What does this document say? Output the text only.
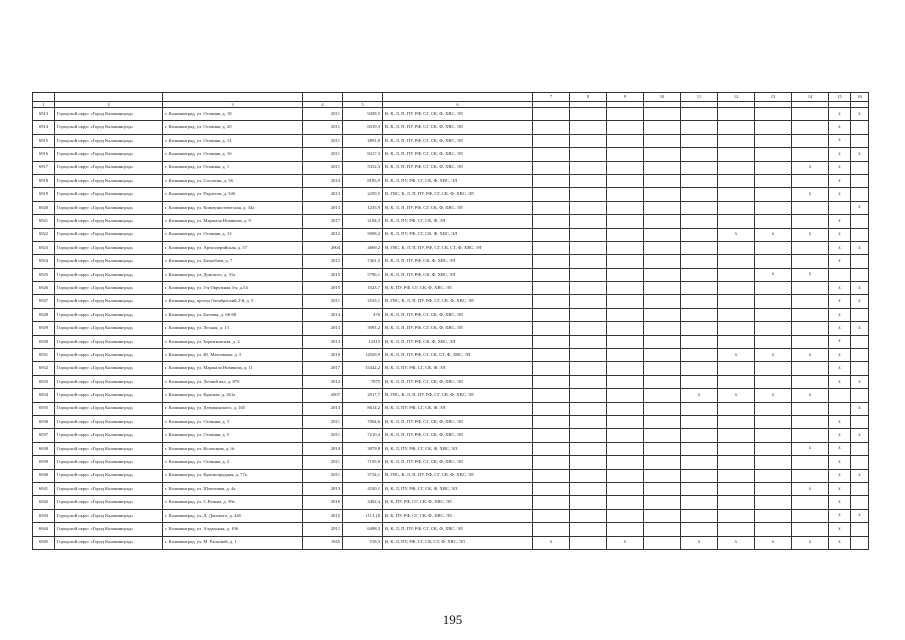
						7	8	9	10	11	12	13	14	15	16
1	2	3	4	5	6										
6913	Городской округ «Город Калининград»	г. Калининград, ул. Осенняя, д. 18	2011	9458,5	В, К, Л, П, ПУ, РФ, СГ, СК, Ф, ХВС, ЭЛ									x	x
6914	Городской округ «Город Калининград»	г. Калининград, ул. Осенняя, д. 20	2011	8419,3	В, К, Л, П, ПУ, РФ, СГ, СК, Ф, ХВС, ЭЛ									x	
6915	Городской округ «Город Калининград»	г. Калининград, ул. Осенняя, д. 14	2011	2891,8	В, К, Л, П, ПУ, РФ, СГ, СК, Ф, ХВС, ЭЛ									x	
6916	Городской округ «Город Калининград»	г. Калининград, ул. Осенняя, д. 16	2011	8417,3	В, К, Л, П, ПУ, РФ, СГ, СК, Ф, ХВС, ЭЛ									x	x
6917	Городской округ «Город Калининград»	г. Калининград, ул. Осенняя, д. 1	2011	5352,3	В, К, Л, П, ПУ, РФ, СГ, СК, Ф, ХВС, ЭЛ								x	x	
6918	Городской округ «Город Калининград»	г. Калининград, ул. Согласия, д. 36	2014	8185,9	В, К, Л, ПУ, РФ, СГ, СК, Ф, ХВС, ЭЛ									x	
6919	Городской округ «Город Калининград»	г. Калининград, ул. Радистов, д. 34б	2013	2259,5	В, ГВС, К, Л, П, ПУ, РФ, СГ, СК, Ф, ХВС, ЭЛ								x	x	
6920	Городской округ «Город Калининград»	г. Калининград, ул. Коммунистическая, д. 34а	2013	1235,9	В, К, Л, П, ПУ, РФ, СГ, СК, Ф, ХВС, ЭЛ										x
6921	Городской округ «Город Калининград»	г. Калининград, ул. Маршала Новикова, д. 9	2017	2184,3	В, К, Л, ПУ, РФ, СГ, СК, Ф, ЭЛ									x	
6922	Городской округ «Город Калининград»	г. Калининград, ул. Осенняя, д. 12	2012	5098,2	В, К, Л, ПУ, РФ, СГ, СК, Ф, ХВС, ЭЛ						x	x	x	x	
6923	Городской округ «Город Калининград»	г. Калининград, ул. Артиллерийская, д. 57	2004	4669,2	В, ГВС, К, Л, П, ПУ, РФ, СГ, СК, СТ, Ф, ХВС, ЭЛ									x	x
6924	Городской округ «Город Калининград»	г. Калининград, ул. Баскобаев, д. 7	2012	7461,5	В, К, Л, П, ПУ, РФ, СК, Ф, ХВС, ЭЛ									x	
6925	Городской округ «Город Калининград»	г. Калининград, ул. Донского, д. 31а	2015	5796,1	В, К, Л, П, ПУ, РФ, СК, Ф, ХВС, ЭЛ							x	x		
6926	Городской округ «Город Калининград»	г. Калининград, ул. 3-я Окружная 4-я, д.54	2015	1023,7	В, К, ПУ, РФ, СГ, СК, Ф, ХВС, ЭЛ									x	x
6927	Городской округ «Город Калининград»	г. Калининград, проезд Октябрьский 2-й, д. 5	2011	2533,1	В, ГВС, К, Л, П, ПУ, РФ, СГ, СК, Ф, ХВС, ЭЛ									x	x
6928	Городской округ «Город Калининград»	г. Калининград, ул. Батовая, д. 66-68	2014	476	В, К, Л, П, ПУ, РФ, СГ, СК, Ф, ХВС, ЭЛ									x	
6929	Городской округ «Город Калининград»	г. Калининград, ул. Лесная, д. 13	2013	3991,2	В, К, Л, П, ПУ, РФ, СГ, СК, Ф, ХВС, ЭЛ									x	x
6930	Городской округ «Город Калининград»	г. Калининград, ул. Бережковская, д. 2	2013	12315	В, К, Л, П, ПУ, РФ, СК, Ф, ХВС, ЭЛ									x	
6931	Городской округ «Город Калининград»	г. Калининград, ул. Ю. Маточкина, д. 5	2010	12029,9	В, К, Л, П, ПУ, РФ, СГ, СК, СТ, Ф, ХВС, ЭЛ						x	x	x	x	
6932	Городской округ «Город Калининград»	г. Калининград, ул. Маршала Новикова, д. 11	2017	15442,2	В, К, Л, ПУ, РФ, СГ, СК, Ф, ЭЛ									x	
6933	Городской округ «Город Калининград»	г. Калининград, ул. Летний вал, д. 87б	2012	7875	В, К, Л, П, ПУ, РФ, СГ, СК, Ф, ХВС, ЭЛ									x	x
6934	Городской округ «Город Калининград»	г. Калининград, ул. Красная, д. 261а	2007	2917,7	В, ГВС, К, Л, П, ПУ, РФ, СГ, СК, Ф, ХВС, ЭЛ					x	x	x	x		
6935	Городской округ «Город Калининград»	г. Калининград, ул. Дзержинского, д. 165	2013	8614,2	В, К, Л, ПУ, РФ, СГ, СК, Ф, ЭЛ										x
6936	Городской округ «Город Калининград»	г. Калининград, ул. Осенняя, д. 3	2011	7004,6	В, К, Л, П, ПУ, РФ, СГ, СК, Ф, ХВС, ЭЛ									x	
6937	Городской округ «Город Калининград»	г. Калининград, ул. Осенняя, д. 5	2011	7210,4	В, К, Л, П, ПУ, РФ, СГ, СК, Ф, ХВС, ЭЛ									x	x
6938	Городской округ «Город Калининград»	г. Калининград, ул. Колхозная, д. 4г	2014	3079,8	В, К, Л, ПУ, РФ, СГ, СК, Ф, ХВС, ЭЛ								x	x	
6939	Городской округ «Город Калининград»	г. Калининград, ул. Осенняя, д. 2	2011	7195,8	В, К, Л, П, ПУ, РФ, СГ, СК, Ф, ХВС, ЭЛ									x	
6940	Городской округ «Город Калининград»	г. Калининград, ул. Краснопрудная, д. 77а	2011	3734,1	В, ГВС, К, Л, П, ПУ, РФ, СГ, СК, Ф, ХВС, ЭЛ									x	x
6941	Городской округ «Город Калининград»	г. Калининград, ул. Шлюзовая, д. 4а	2013	4520,1	В, К, Л, ПУ, РФ, СГ, СК, Ф, ХВС, ЭЛ								x	x	
6942	Городской округ «Город Калининград»	г. Калининград, ул. С.Разина, д. 39а	2016	3492,4	В, К, ПУ, РФ, СГ, СК, Ф, ХВС, ЭЛ									x	
6943	Городской округ «Город Калининград»	г. Калининград, ул. Д. Донского, д. 44б	2015	1113,18	В, К, ПУ, РФ, СГ, СК, Ф, ХВС, ЭЛ									x	x
6944	Городской округ «Город Калининград»	г. Калининград, ул. Алданская, д. 106	2011	6498,3	В, К, Л, П, ПУ, РФ, СГ, СК, Ф, ХВС, ЭЛ									x	
6945	Городской округ «Город Калининград»	г. Калининград, ул. М. Расковой, д. 1	1945	518,3	В, К, Л, ПУ, РФ, СГ, СК, СТ, Ф, ХВС, ЭЛ	x		x		x	x	x	x	x	
195
